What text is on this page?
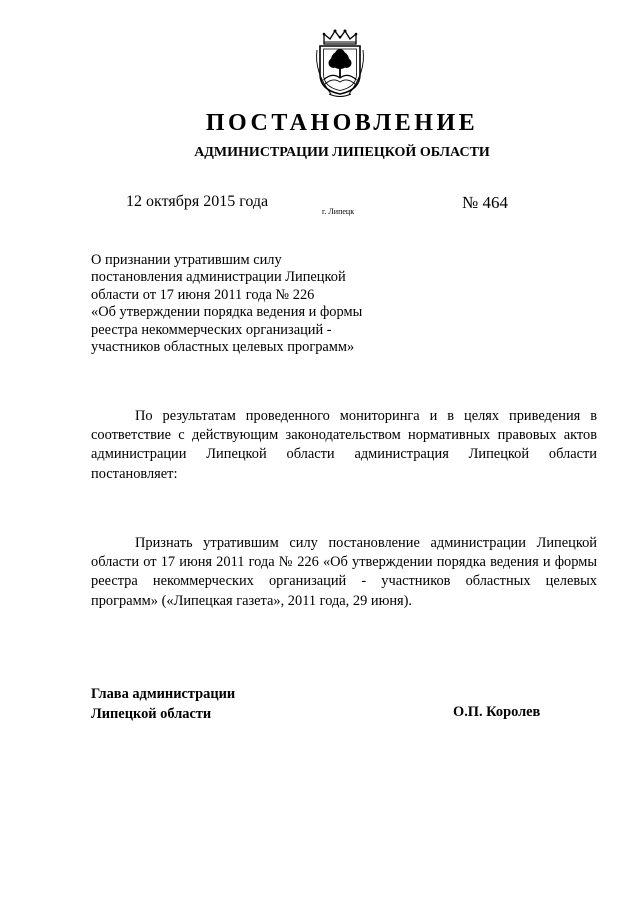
ПОСТАНОВЛЕНИЕ
АДМИНИСТРАЦИИ ЛИПЕЦКОЙ ОБЛАСТИ
12 октября 2015 года
г. Липецк	№ 464
О признании утратившим силу
постановления администрации Липецкой
области от 17 июня 2011 года № 226
«Об утверждении порядка ведения и формы
реестра некоммерческих организаций -
участников областных целевых программ»
По результатам проведенного мониторинга и в целях приведения в соответствие с действующим законодательством нормативных правовых актов администрации Липецкой области администрация Липецкой области постановляет:
Признать утратившим силу постановление администрации Липецкой области от 17 июня 2011 года № 226 «Об утверждении порядка ведения и формы реестра некоммерческих организаций - участников областных целевых программ» («Липецкая газета», 2011 года, 29 июня).
Глава администрации
Липецкой области	О.П. Королев
